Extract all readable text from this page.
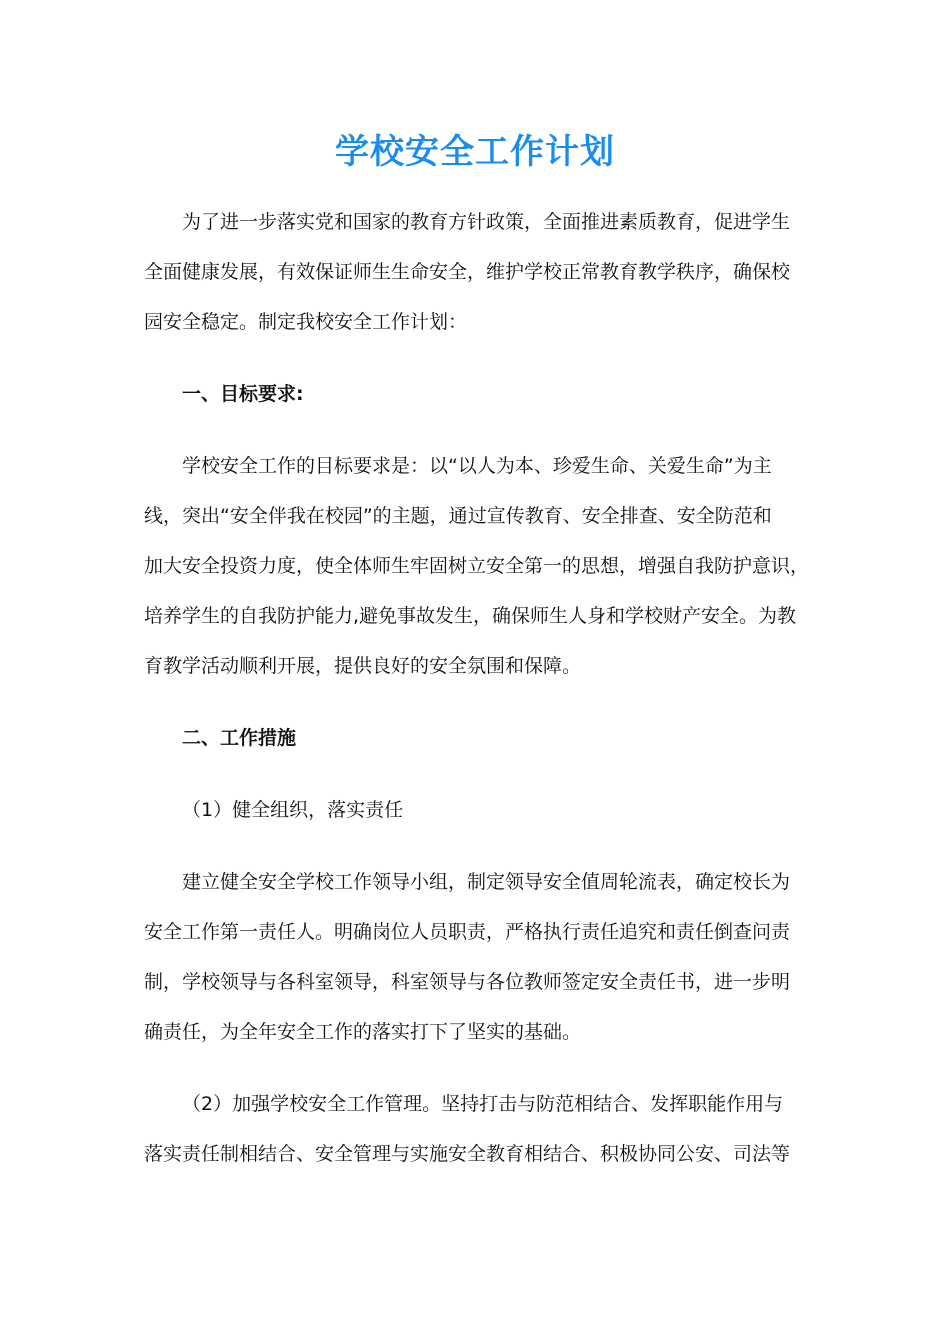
学校安全工作计划
为了进一步落实党和国家的教育方针政策，全面推进素质教育，促进学生
全面健康发展，有效保证师生生命安全，维护学校正常教育教学秩序，确保校
园安全稳定。制定我校安全工作计划：
一、目标要求:
学校安全工作的目标要求是：以“以人为本、珍爱生命、关爱生命”为主
线，突出“安全伴我在校园”的主题，通过宣传教育、安全排查、安全防范和
加大安全投资力度，使全体师生牢固树立安全第一的思想，增强自我防护意识，
培养学生的自我防护能力,避免事故发生，确保师生人身和学校财产安全。为教
育教学活动顺利开展，提供良好的安全氛围和保障。
二、工作措施
（1）健全组织，落实责任
建立健全安全学校工作领导小组，制定领导安全值周轮流表，确定校长为
安全工作第一责任人。明确岗位人员职责，严格执行责任追究和责任倒查问责
制，学校领导与各科室领导，科室领导与各位教师签定安全责任书，进一步明
确责任，为全年安全工作的落实打下了坚实的基础。
（2）加强学校安全工作管理。坚持打击与防范相结合、发挥职能作用与
落实责任制相结合、安全管理与实施安全教育相结合、积极协同公安、司法等
